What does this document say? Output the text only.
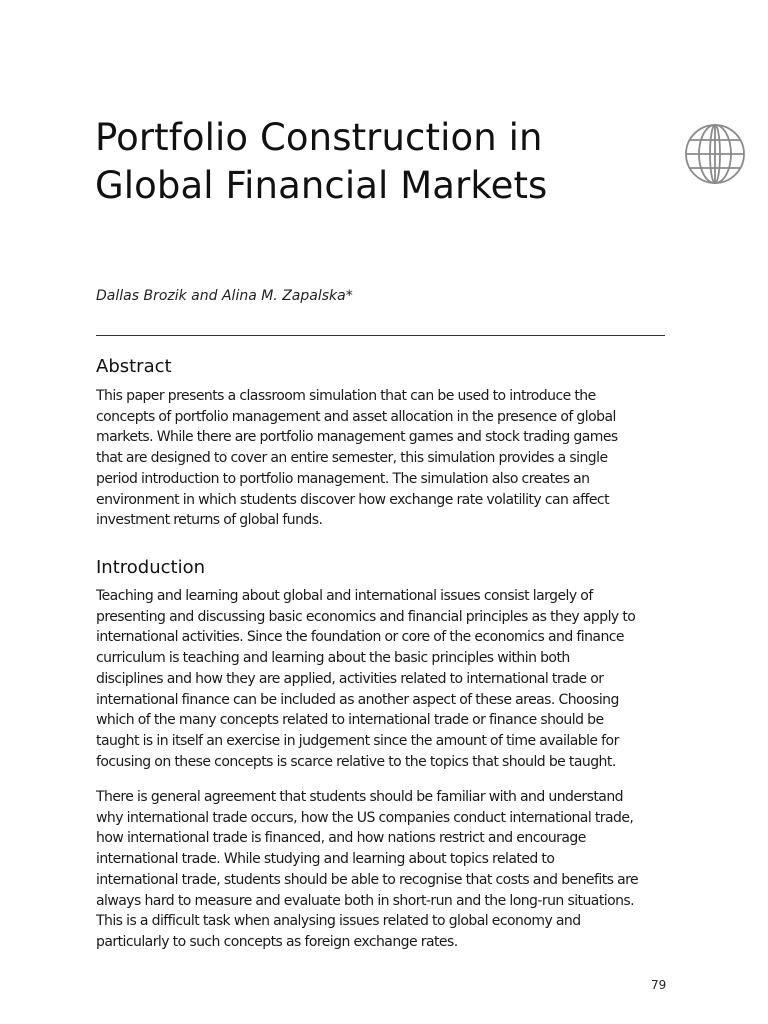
Portfolio Construction in
Global Financial Markets

Dallas Brozik and Alina M. Zapalska*

Abstract

This paper presents a classroom simulation that can be used to introduce the
concepts of portfolio management and asset allocation in the presence of global
markets. While there are portfolio management games and stock trading games
that are designed to cover an entire semester, this simulation provides a single
period introduction to portfolio management. The simulation also creates an
environment in which students discover how exchange rate volatility can affect
investment returns of global funds.

Introduction

Teaching and learning about global and international issues consist largely of
presenting and discussing basic economics and financial principles as they apply to
international activities. Since the foundation or core of the economics and finance
curriculum is teaching and learning about the basic principles within both
disciplines and how they are applied, activities related to international trade or
international finance can be included as another aspect of these areas. Choosing
which of the many concepts related to international trade or finance should be
taught is in itself an exercise in judgement since the amount of time available for
focusing on these concepts is scarce relative to the topics that should be taught.

There is general agreement that students should be familiar with and understand
why international trade occurs, how the US companies conduct international trade,
how international trade is financed, and how nations restrict and encourage
international trade. While studying and learning about topics related to
international trade, students should be able to recognise that costs and benefits are
always hard to measure and evaluate both in short-run and the long-run situations.
This is a difficult task when analysing issues related to global economy and
particularly to such concepts as foreign exchange rates.

79
